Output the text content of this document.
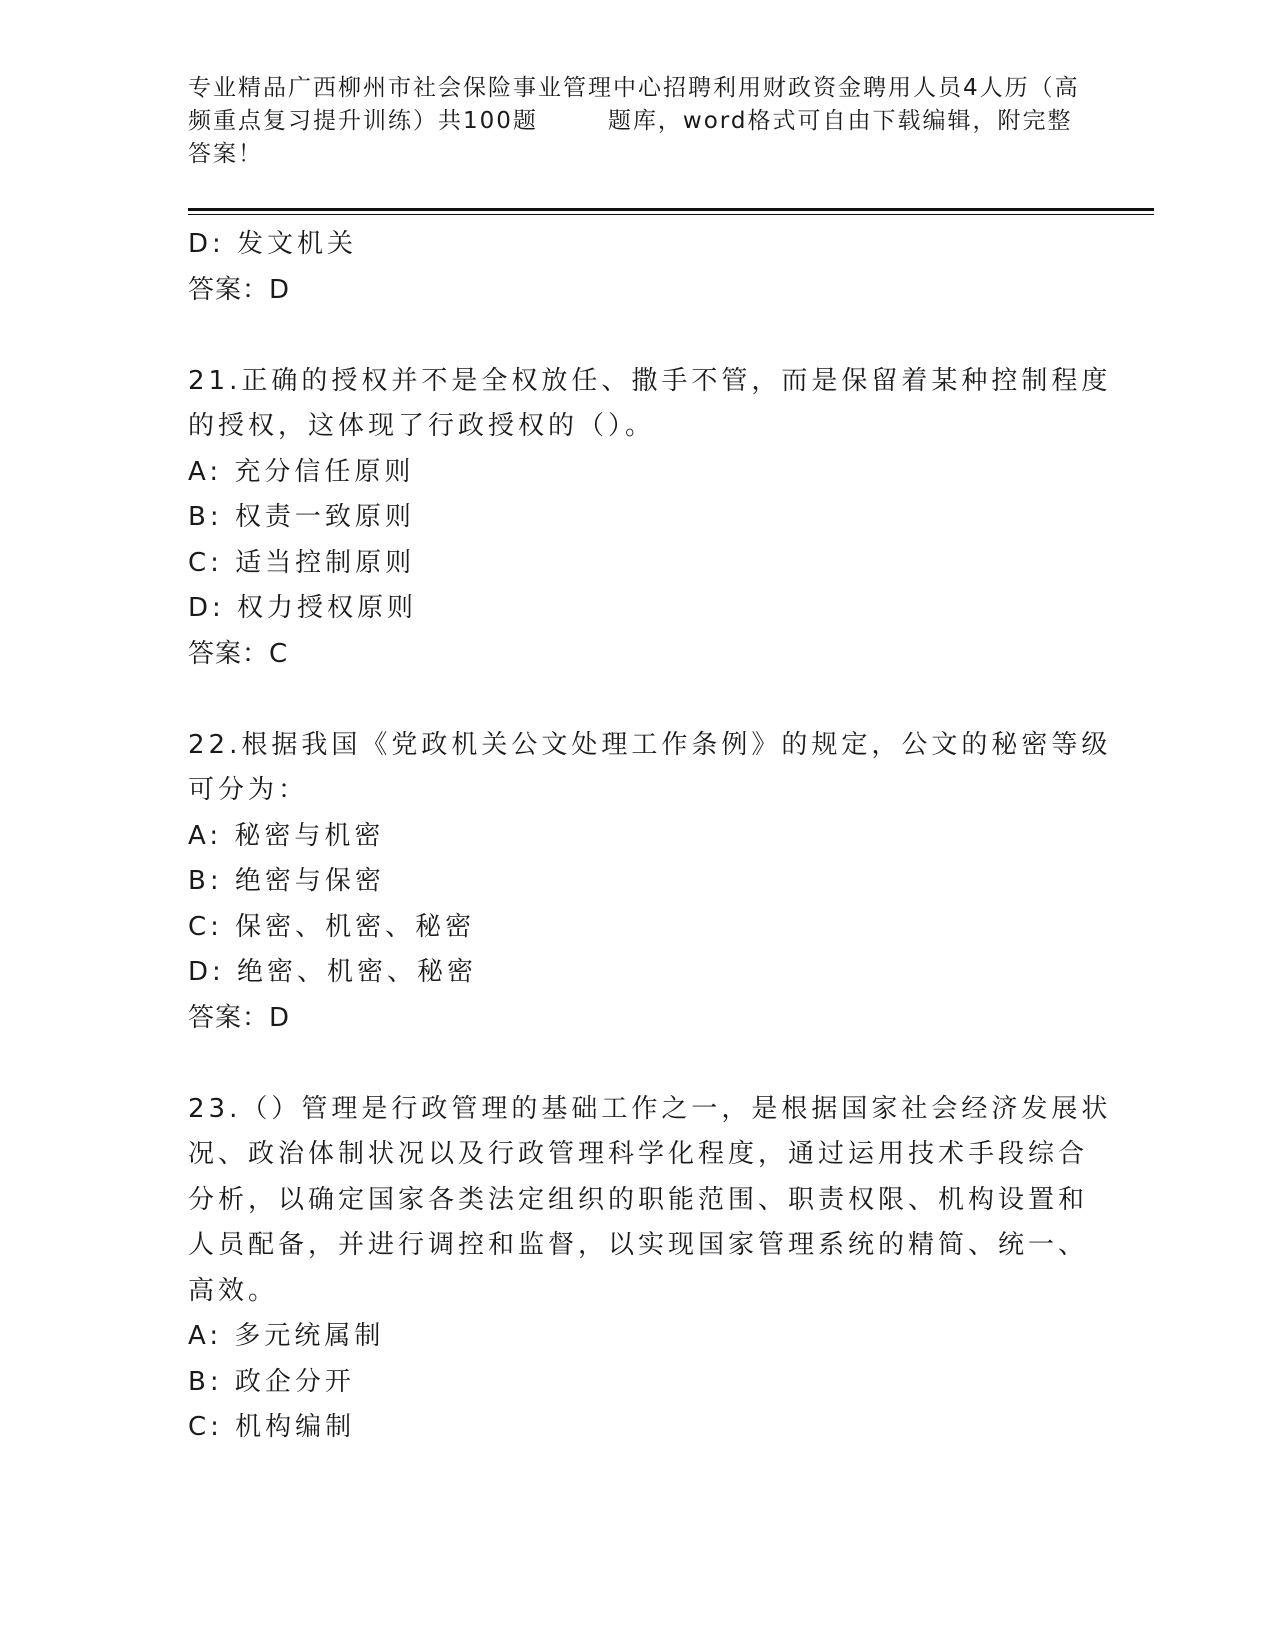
专业精品广西柳州市社会保险事业管理中心招聘利用财政资金聘用人员4人历（高
频重点复习提升训练）共100题	题库，word格式可自由下载编辑，附完整
答案！
D: 发文机关
答案：D
21.正确的授权并不是全权放任、撒手不管，而是保留着某种控制程度
的授权，这体现了行政授权的（）。
A: 充分信任原则
B: 权责一致原则
C: 适当控制原则
D: 权力授权原则
答案：C
22.根据我国《党政机关公文处理工作条例》的规定，公文的秘密等级
可分为：
A: 秘密与机密
B: 绝密与保密
C: 保密、机密、秘密
D: 绝密、机密、秘密
答案：D
23.（）管理是行政管理的基础工作之一，是根据国家社会经济发展状
况、政治体制状况以及行政管理科学化程度，通过运用技术手段综合
分析，以确定国家各类法定组织的职能范围、职责权限、机构设置和
人员配备，并进行调控和监督，以实现国家管理系统的精简、统一、
高效。
A: 多元统属制
B: 政企分开
C: 机构编制
